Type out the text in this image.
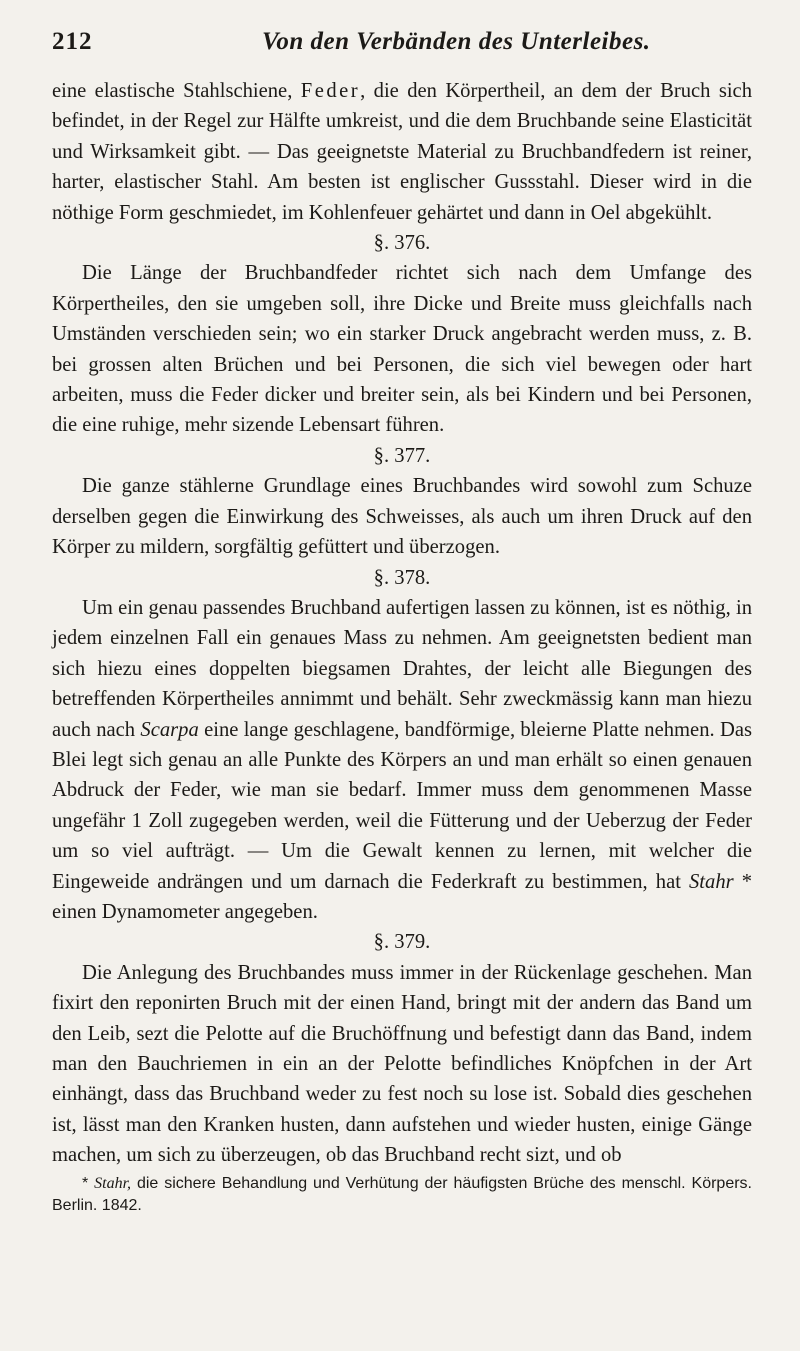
212	Von den Verbänden des Unterleibes.

eine elastische Stahlschiene, Feder, die den Körpertheil, an dem der Bruch sich befindet, in der Regel zur Hälfte umkreist, und die dem Bruchbande seine Elasticität und Wirksamkeit gibt. — Das geeignetste Material zu Bruchbandfedern ist reiner, harter, elastischer Stahl. Am besten ist englischer Gussstahl. Dieser wird in die nöthige Form geschmiedet, im Kohlenfeuer gehärtet und dann in Oel abgekühlt.

§. 376.

Die Länge der Bruchbandfeder richtet sich nach dem Umfange des Körpertheiles, den sie umgeben soll, ihre Dicke und Breite muss gleichfalls nach Umständen verschieden sein; wo ein starker Druck angebracht werden muss, z. B. bei grossen alten Brüchen und bei Personen, die sich viel bewegen oder hart arbeiten, muss die Feder dicker und breiter sein, als bei Kindern und bei Personen, die eine ruhige, mehr sizende Lebensart führen.

§. 377.

Die ganze stählerne Grundlage eines Bruchbandes wird sowohl zum Schuze derselben gegen die Einwirkung des Schweisses, als auch um ihren Druck auf den Körper zu mildern, sorgfältig gefüttert und überzogen.

§. 378.

Um ein genau passendes Bruchband aufertigen lassen zu können, ist es nöthig, in jedem einzelnen Fall ein genaues Mass zu nehmen. Am geeignetsten bedient man sich hiezu eines doppelten biegsamen Drahtes, der leicht alle Biegungen des betreffenden Körpertheiles annimmt und behält. Sehr zweckmässig kann man hiezu auch nach Scarpa eine lange geschlagene, bandförmige, bleierne Platte nehmen. Das Blei legt sich genau an alle Punkte des Körpers an und man erhält so einen genauen Abdruck der Feder, wie man sie bedarf. Immer muss dem genommenen Masse ungefähr 1 Zoll zugegeben werden, weil die Fütterung und der Ueberzug der Feder um so viel aufträgt. — Um die Gewalt kennen zu lernen, mit welcher die Eingeweide andrängen und um darnach die Federkraft zu bestimmen, hat Stahr * einen Dynamometer angegeben.

§. 379.

Die Anlegung des Bruchbandes muss immer in der Rückenlage geschehen. Man fixirt den reponirten Bruch mit der einen Hand, bringt mit der andern das Band um den Leib, sezt die Pelotte auf die Bruchöffnung und befestigt dann das Band, indem man den Bauchriemen in ein an der Pelotte befindliches Knöpfchen in der Art einhängt, dass das Bruchband weder zu fest noch su lose ist. Sobald dies geschehen ist, lässt man den Kranken husten, dann aufstehen und wieder husten, einige Gänge machen, um sich zu überzeugen, ob das Bruchband recht sizt, und ob

* Stahr, die sichere Behandlung und Verhütung der häufigsten Brüche des menschl. Körpers. Berlin. 1842.
